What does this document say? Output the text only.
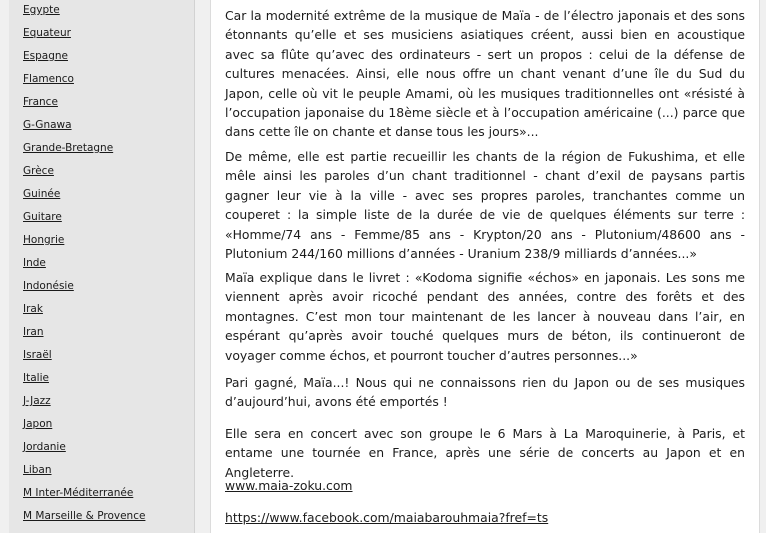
Egypte
Equateur
Espagne
Flamenco
France
G-Gnawa
Grande-Bretagne
Grèce
Guinée
Guitare
Hongrie
Inde
Indonésie
Irak
Iran
Israël
Italie
J-Jazz
Japon
Jordanie
Liban
M Inter-Méditerranée
M Marseille & Provence

Car la modernité extrême de la musique de Maïa - de l’électro japonais et des sons étonnants qu’elle et ses musiciens asiatiques créent, aussi bien en acoustique avec sa flûte qu’avec des ordinateurs - sert un propos : celui de la défense de cultures menacées. Ainsi, elle nous offre un chant venant d’une île du Sud du Japon, celle où vit le peuple Amami, où les musiques traditionnelles ont «résisté à l’occupation japonaise du 18ème siècle et à l’occupation américaine (...) parce que dans cette île on chante et danse tous les jours»...

De même, elle est partie recueillir les chants de la région de Fukushima, et elle mêle ainsi les paroles d’un chant traditionnel - chant d’exil de paysans partis gagner leur vie à la ville - avec ses propres paroles, tranchantes comme un couperet : la simple liste de la durée de vie de quelques éléments sur terre : «Homme/74 ans - Femme/85 ans - Krypton/20 ans - Plutonium/48600 ans - Plutonium 244/160 millions d’années - Uranium 238/9 milliards d’années...»

Maïa explique dans le livret : «Kodoma signifie «échos» en japonais. Les sons me viennent après avoir ricoché pendant des années, contre des forêts et des montagnes. C’est mon tour maintenant de les lancer à nouveau dans l’air, en espérant qu’après avoir touché quelques murs de béton, ils continueront de voyager comme échos, et pourront toucher d’autres personnes...»

Pari gagné, Maïa...! Nous qui ne connaissons rien du Japon ou de ses musiques d’aujourd’hui, avons été emportés !

Elle sera en concert avec son groupe le 6 Mars à La Maroquinerie, à Paris, et entame une tournée en France, après une série de concerts au Japon et en Angleterre.

www.maia-zoku.com

https://www.facebook.com/maiabarouhmaia?fref=ts
